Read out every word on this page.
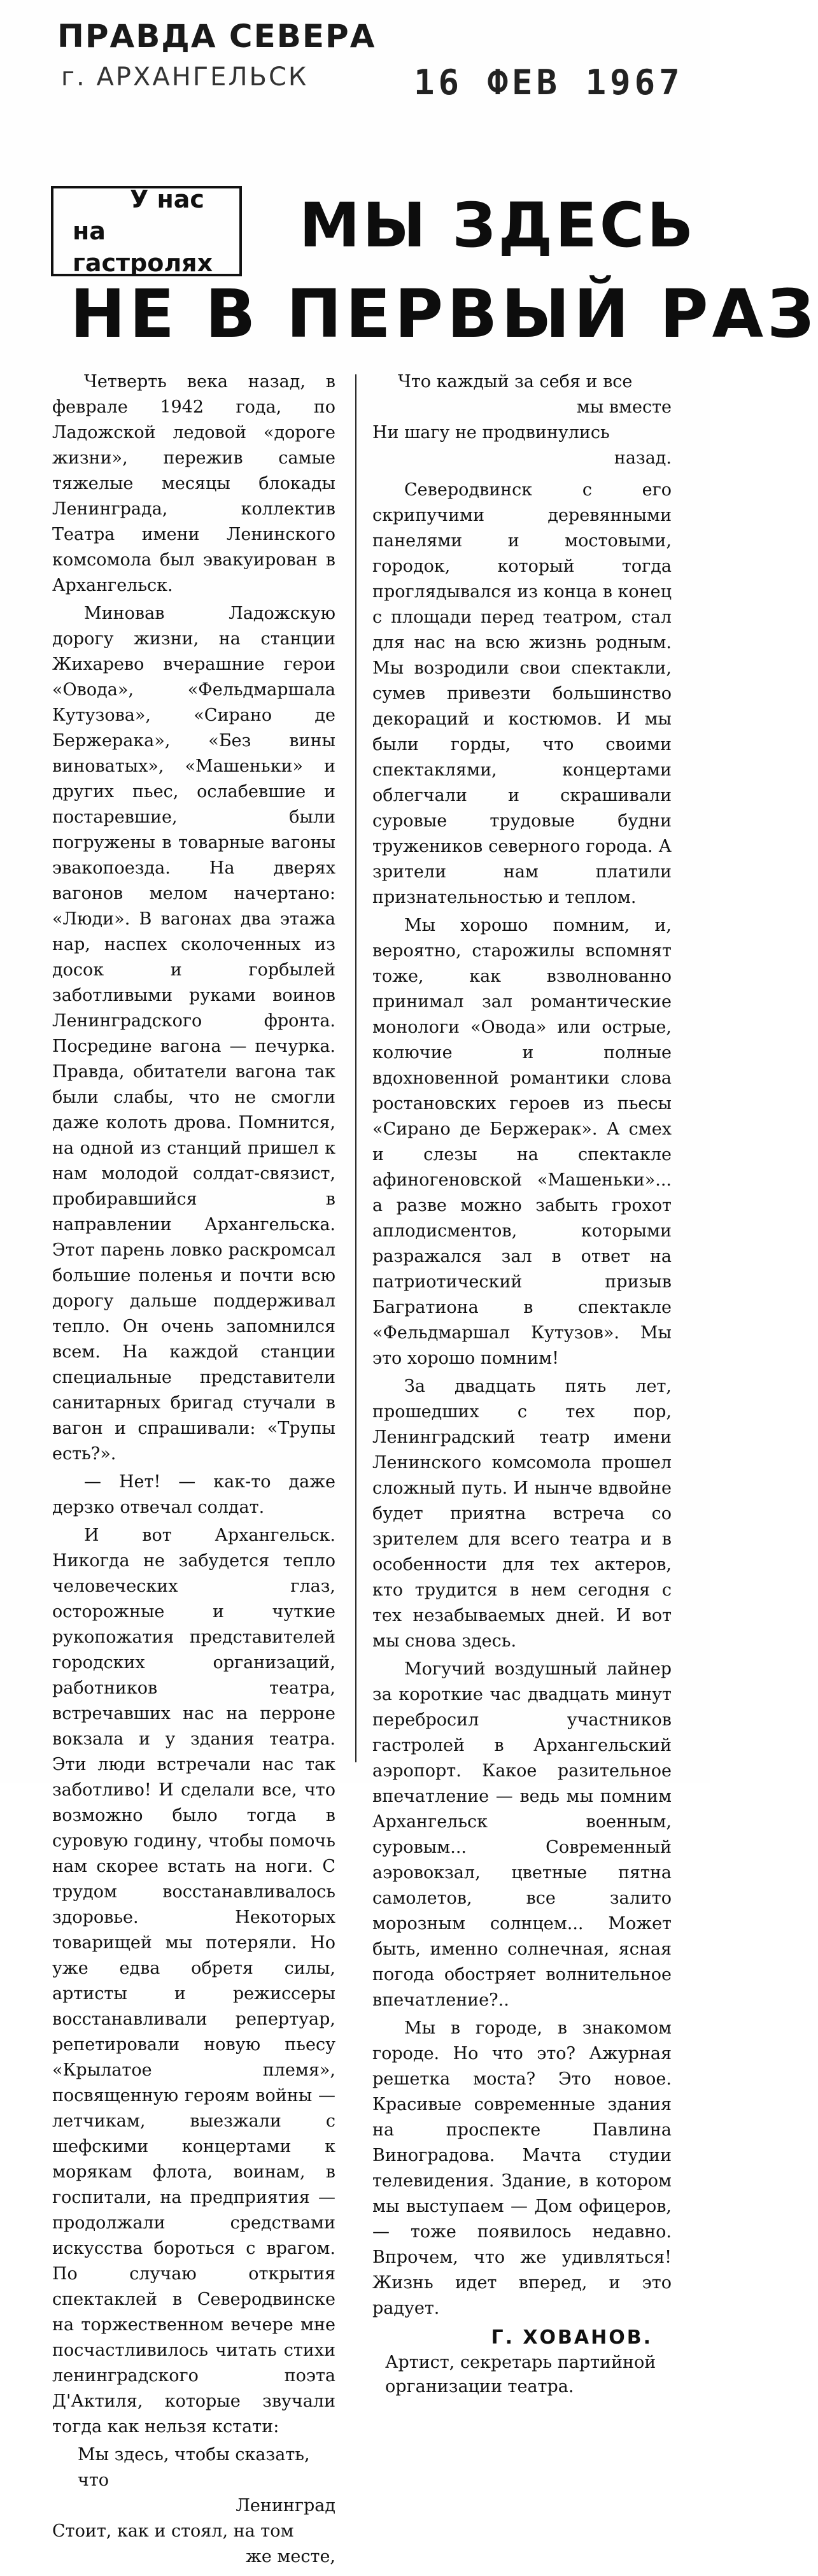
ПРАВДА СЕВЕРА
г. АРХАНГЕЛЬСК	16 ФЕВ 1967
У нас
на гастролях
МЫ ЗДЕСЬ
НЕ В ПЕРВЫЙ РАЗ

Четверть века назад, в феврале 1942 года, по Ладожской ледовой «дороге жизни», пережив самые тяжелые месяцы блокады Ленинграда, коллектив Театра имени Ленинского комсомола был эвакуирован в Архангельск.

Миновав Ладожскую дорогу жизни, на станции Жихарево вчерашние герои «Овода», «Фельдмаршала Кутузова», «Сирано де Бержерака», «Без вины виноватых», «Машеньки» и других пьес, ослабевшие и постаревшие, были погружены в товарные вагоны эвакопоезда. На дверях вагонов мелом начертано: «Люди». В вагонах два этажа нар, наспех сколоченных из досок и горбылей заботливыми руками воинов Ленинградского фронта. Посредине вагона — печурка. Правда, обитатели вагона так были слабы, что не смогли даже колоть дрова. Помнится, на одной из станций пришел к нам молодой солдат-связист, пробиравшийся в направлении Архангельска. Этот парень ловко раскромсал большие поленья и почти всю дорогу дальше поддерживал тепло. Он очень запомнился всем. На каждой станции специальные представители санитарных бригад стучали в вагон и спрашивали: «Трупы есть?».

— Нет! — как-то даже дерзко отвечал солдат.

И вот Архангельск. Никогда не забудется тепло человеческих глаз, осторожные и чуткие рукопожатия представителей городских организаций, работников театра, встречавших нас на перроне вокзала и у здания театра. Эти люди встречали нас так заботливо! И сделали все, что возможно было тогда в суровую годину, чтобы помочь нам скорее встать на ноги. С трудом восстанавливалось здоровье. Некоторых товарищей мы потеряли. Но уже едва обретя силы, артисты и режиссеры восстанавливали репертуар, репетировали новую пьесу «Крылатое племя», посвященную героям войны — летчикам, выезжали с шефскими концертами к морякам флота, воинам, в госпитали, на предприятия — продолжали средствами искусства бороться с врагом. По случаю открытия спектаклей в Северодвинске на торжественном вечере мне посчастливилось читать стихи ленинградского поэта Д'Актиля, которые звучали тогда как нельзя кстати:

Мы здесь, чтобы сказать, что
Ленинград
Стоит, как и стоял, на том
же месте,
Что каждый за себя и все
мы вместе
Ни шагу не продвинулись
назад.

Северодвинск с его скрипучими деревянными панелями и мостовыми, городок, который тогда проглядывался из конца в конец с площади перед театром, стал для нас на всю жизнь родным. Мы возродили свои спектакли, сумев привезти большинство декораций и костюмов. И мы были горды, что своими спектаклями, концертами облегчали и скрашивали суровые трудовые будни тружеников северного города. А зрители нам платили признательностью и теплом.

Мы хорошо помним, и, вероятно, старожилы вспомнят тоже, как взволнованно принимал зал романтические монологи «Овода» или острые, колючие и полные вдохновенной романтики слова ростановских героев из пьесы «Сирано де Бержерак». А смех и слезы на спектакле афиногеновской «Машеньки»... а разве можно забыть грохот аплодисментов, которыми разражался зал в ответ на патриотический призыв Багратиона в спектакле «Фельдмаршал Кутузов». Мы это хорошо помним!

За двадцать пять лет, прошедших с тех пор, Ленинградский театр имени Ленинского комсомола прошел сложный путь. И нынче вдвойне будет приятна встреча со зрителем для всего театра и в особенности для тех актеров, кто трудится в нем сегодня с тех незабываемых дней. И вот мы снова здесь.

Могучий воздушный лайнер за короткие час двадцать минут перебросил участников гастролей в Архангельский аэропорт. Какое разительное впечатление — ведь мы помним Архангельск военным, суровым... Современный аэровокзал, цветные пятна самолетов, все залито морозным солнцем... Может быть, именно солнечная, ясная погода обостряет волнительное впечатление?..

Мы в городе, в знакомом городе. Но что это? Ажурная решетка моста? Это новое. Красивые современные здания на проспекте Павлина Виноградова. Мачта студии телевидения. Здание, в котором мы выступаем — Дом офицеров, — тоже появилось недавно. Впрочем, что же удивляться! Жизнь идет вперед, и это радует.

Г. ХОВАНОВ.

Артист, секретарь партийной организации театра.
